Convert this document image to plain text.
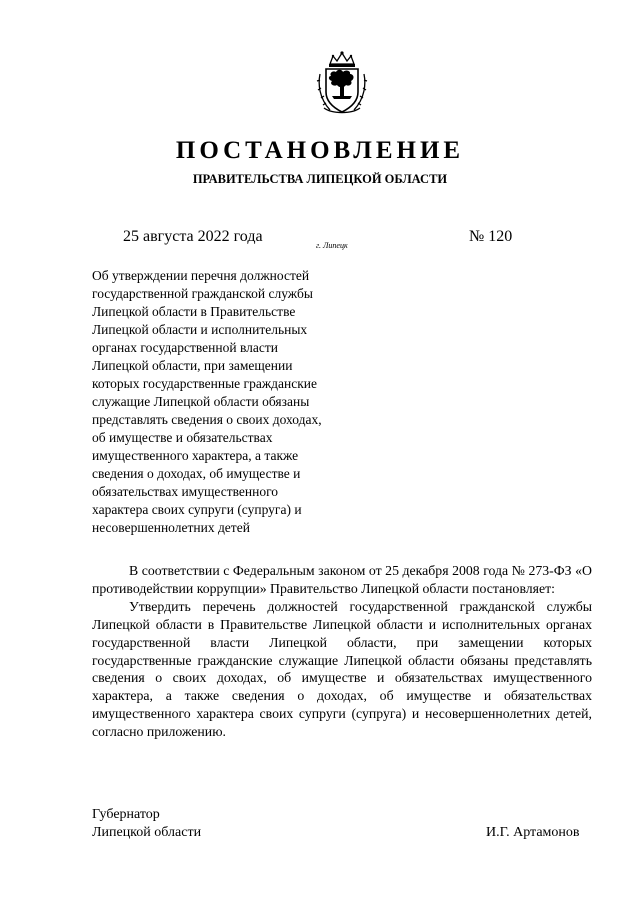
ПОСТАНОВЛЕНИЕ
ПРАВИТЕЛЬСТВА ЛИПЕЦКОЙ ОБЛАСТИ
25 августа 2022 года
г. Липецк
№ 120
Об утверждении перечня должностей
государственной гражданской службы
Липецкой области в Правительстве
Липецкой области и исполнительных
органах государственной власти
Липецкой области, при замещении
которых государственные гражданские
служащие Липецкой области обязаны
представлять сведения о своих доходах,
об имуществе и обязательствах
имущественного характера, а также
сведения о доходах, об имуществе и
обязательствах имущественного
характера своих супруги (супруга) и
несовершеннолетних детей

В соответствии с Федеральным законом от 25 декабря 2008 года № 273-ФЗ «О противодействии коррупции» Правительство Липецкой области постановляет:

Утвердить перечень должностей государственной гражданской службы Липецкой области в Правительстве Липецкой области и исполнительных органах государственной власти Липецкой области, при замещении которых государственные гражданские служащие Липецкой области обязаны представлять сведения о своих доходах, об имуществе и обязательствах имущественного характера, а также сведения о доходах, об имуществе и обязательствах имущественного характера своих супруги (супруга) и несовершеннолетних детей, согласно приложению.

Губернатор
Липецкой области	И.Г. Артамонов
